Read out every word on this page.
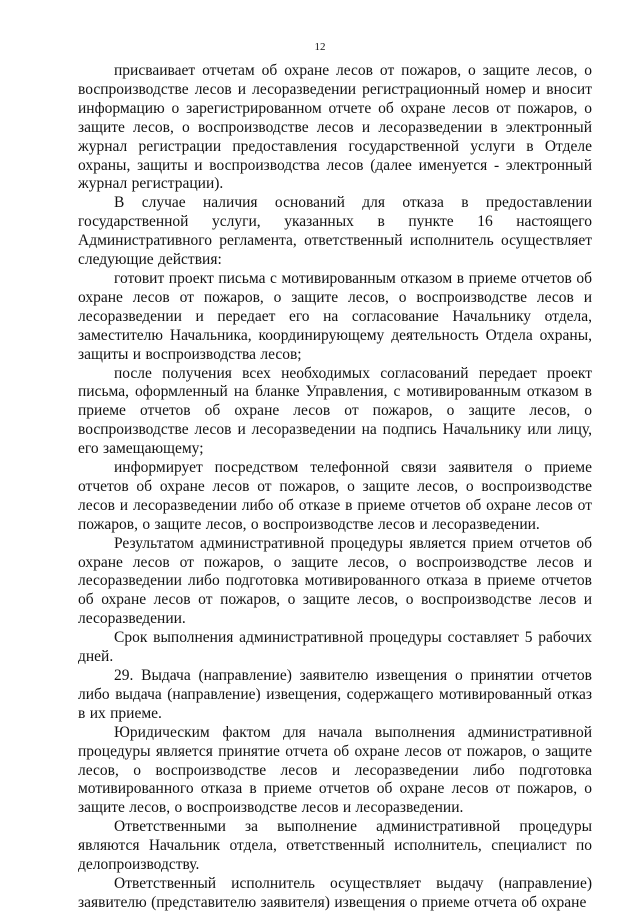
12

присваивает отчетам об охране лесов от пожаров, о защите лесов, о воспроизводстве лесов и лесоразведении регистрационный номер и вносит информацию о зарегистрированном отчете об охране лесов от пожаров, о защите лесов, о воспроизводстве лесов и лесоразведении в электронный журнал регистрации предоставления государственной услуги в Отделе охраны, защиты и воспроизводства лесов (далее именуется - электронный журнал регистрации).

В случае наличия оснований для отказа в предоставлении государственной услуги, указанных в пункте 16 настоящего Административного регламента, ответственный исполнитель осуществляет следующие действия:

готовит проект письма с мотивированным отказом в приеме отчетов об охране лесов от пожаров, о защите лесов, о воспроизводстве лесов и лесоразведении и передает его на согласование Начальнику отдела, заместителю Начальника, координирующему деятельность Отдела охраны, защиты и воспроизводства лесов;

после получения всех необходимых согласований передает проект письма, оформленный на бланке Управления, с мотивированным отказом в приеме отчетов об охране лесов от пожаров, о защите лесов, о воспроизводстве лесов и лесоразведении на подпись Начальнику или лицу, его замещающему;

информирует посредством телефонной связи заявителя о приеме отчетов об охране лесов от пожаров, о защите лесов, о воспроизводстве лесов и лесоразведении либо об отказе в приеме отчетов об охране лесов от пожаров, о защите лесов, о воспроизводстве лесов и лесоразведении.

Результатом административной процедуры является прием отчетов об охране лесов от пожаров, о защите лесов, о воспроизводстве лесов и лесоразведении либо подготовка мотивированного отказа в приеме отчетов об охране лесов от пожаров, о защите лесов, о воспроизводстве лесов и лесоразведении.

Срок выполнения административной процедуры составляет 5 рабочих дней.

29. Выдача (направление) заявителю извещения о принятии отчетов либо выдача (направление) извещения, содержащего мотивированный отказ в их приеме.

Юридическим фактом для начала выполнения административной процедуры является принятие отчета об охране лесов от пожаров, о защите лесов, о воспроизводстве лесов и лесоразведении либо подготовка мотивированного отказа в приеме отчетов об охране лесов от пожаров, о защите лесов, о воспроизводстве лесов и лесоразведении.

Ответственными за выполнение административной процедуры являются Начальник отдела, ответственный исполнитель, специалист по делопроизводству.

Ответственный исполнитель осуществляет выдачу (направление) заявителю (представителю заявителя) извещения о приеме отчета об охране
